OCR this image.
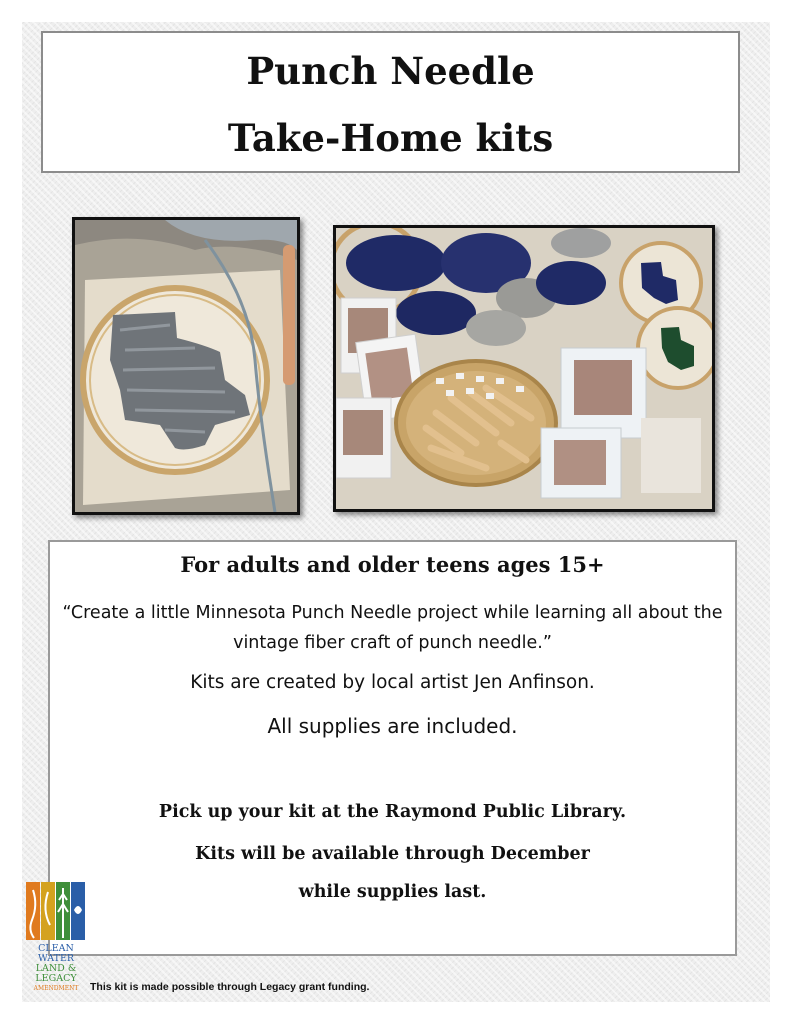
Punch Needle
Take-Home kits
For adults and older teens ages 15+
“Create a little Minnesota Punch Needle project while learning all about the vintage fiber craft of punch needle.”
Kits are created by local artist Jen Anfinson.
All supplies are included.
Pick up your kit at the Raymond Public Library.
Kits will be available through December
while supplies last.
CLEAN
WATER
LAND &
LEGACY
AMENDMENT This kit is made possible through Legacy grant funding.
